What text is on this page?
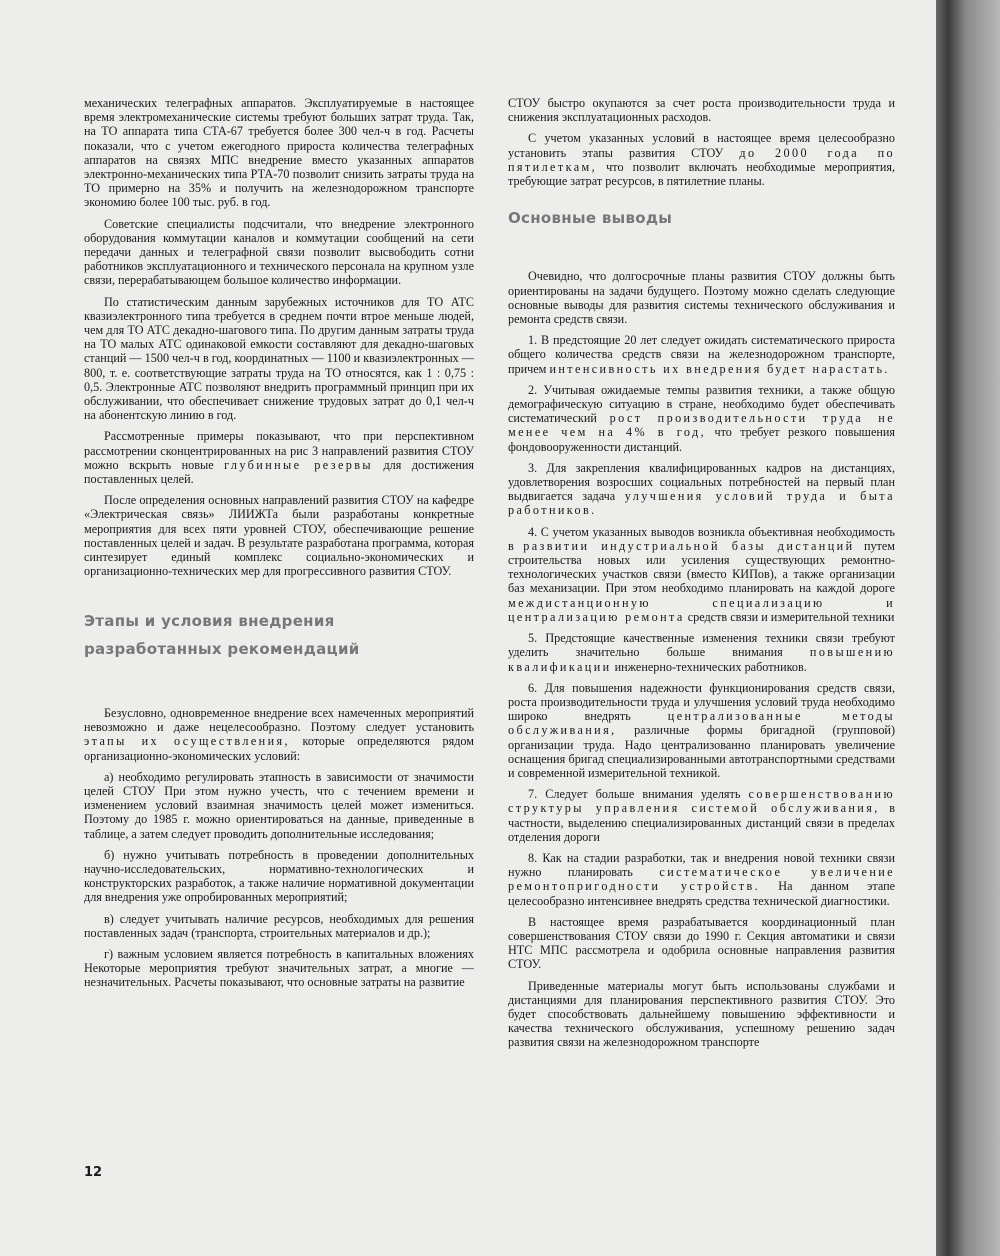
механических телеграфных аппаратов. Эксплуатируемые в настоящее время электромеханические системы требуют больших затрат труда. Так, на ТО аппарата типа СТА-67 требуется более 300 чел-ч в год. Расчеты показали, что с учетом ежегодного прироста количества телеграфных аппаратов на связях МПС внедрение вместо указанных аппаратов электронно-механических типа РТА-70 позволит снизить затраты труда на ТО примерно на 35% и получить на железнодорожном транспорте экономию более 100 тыс. руб. в год.

Советские специалисты подсчитали, что внедрение электронного оборудования коммутации каналов и коммутации сообщений на сети передачи данных и телеграфной связи позволит высвободить сотни работников эксплуатационного и технического персонала на крупном узле связи, перерабатывающем большое количество информации.

По статистическим данным зарубежных источников для ТО АТС квазиэлектронного типа требуется в среднем почти втрое меньше людей, чем для ТО АТС декадно-шагового типа. По другим данным затраты труда на ТО малых АТС одинаковой емкости составляют для декадно-шаговых станций — 1500 чел-ч в год, координатных — 1100 и квазиэлектронных — 800, т. е. соответствующие затраты труда на ТО относятся, как 1 : 0,75 : 0,5. Электронные АТС позволяют внедрить программный принцип при их обслуживании, что обеспечивает снижение трудовых затрат до 0,1 чел-ч на абонентскую линию в год.

Рассмотренные примеры показывают, что при перспективном рассмотрении сконцентрированных на рис 3 направлений развития СТОУ можно вскрыть новые глубинные резервы для достижения поставленных целей.

После определения основных направлений развития СТОУ на кафедре «Электрическая связь» ЛИИЖТа были разработаны конкретные мероприятия для всех пяти уровней СТОУ, обеспечивающие решение поставленных целей и задач. В результате разработана программа, которая синтезирует единый комплекс социально-экономических и организационно-технических мер для прогрессивного развития СТОУ.

Этапы и условия внедрения
разработанных рекомендаций

Безусловно, одновременное внедрение всех намеченных мероприятий невозможно и даже нецелесообразно. Поэтому следует установить этапы их осуществления, которые определяются рядом организационно-экономических условий:

а) необходимо регулировать этапность в зависимости от значимости целей СТОУ При этом нужно учесть, что с течением времени и изменением условий взаимная значимость целей может измениться. Поэтому до 1985 г. можно ориентироваться на данные, приведенные в таблице, а затем следует проводить дополнительные исследования;

б) нужно учитывать потребность в проведении дополнительных научно-исследовательских, нормативно-технологических и конструкторских разработок, а также наличие нормативной документации для внедрения уже опробированных мероприятий;

в) следует учитывать наличие ресурсов, необходимых для решения поставленных задач (транспорта, строительных материалов и др.);

г) важным условием является потребность в капитальных вложениях Некоторые мероприятия требуют значительных затрат, а многие — незначительных. Расчеты показывают, что основные затраты на развитие

СТОУ быстро окупаются за счет роста производительности труда и снижения эксплуатационных расходов.

С учетом указанных условий в настоящее время целесообразно установить этапы развития СТОУ до 2000 года по пятилеткам, что позволит включать необходимые мероприятия, требующие затрат ресурсов, в пятилетние планы.

Основные выводы

Очевидно, что долгосрочные планы развития СТОУ должны быть ориентированы на задачи будущего. Поэтому можно сделать следующие основные выводы для развития системы технического обслуживания и ремонта средств связи.

1. В предстоящие 20 лет следует ожидать систематического прироста общего количества средств связи на железнодорожном транспорте, причем интенсивность их внедрения будет нарастать.

2. Учитывая ожидаемые темпы развития техники, а также общую демографическую ситуацию в стране, необходимо будет обеспечивать систематический рост производительности труда не менее чем на 4% в год, что требует резкого повышения фондовооруженности дистанций.

3. Для закрепления квалифицированных кадров на дистанциях, удовлетворения возросших социальных потребностей на первый план выдвигается задача улучшения условий труда и быта работников.

4. С учетом указанных выводов возникла объективная необходимость в развитии индустриальной базы дистанций путем строительства новых или усиления существующих ремонтно-технологических участков связи (вместо КИПов), а также организации баз механизации. При этом необходимо планировать на каждой дороге междистанционную специализацию и централизацию ремонта средств связи и измерительной техники

5. Предстоящие качественные изменения техники связи требуют уделить значительно больше внимания повышению квалификации инженерно-технических работников.

6. Для повышения надежности функционирования средств связи, роста производительности труда и улучшения условий труда необходимо широко внедрять	централизованные методы обслуживания, различные формы бригадной (групповой) организации труда. Надо централизованно планировать увеличение оснащения бригад специализированными автотранспортными средствами и современной измерительной техникой.

7. Следует больше внимания уделять совершенствованию структуры управления системой обслуживания, в частности, выделению специализированных дистанций связи в пределах отделения дороги

8. Как на стадии разработки, так и внедрения новой техники связи нужно планировать систематическое увеличение ремонтопригодности устройств. На данном этапе целесообразно интенсивнее внедрять средства технической диагностики.

В настоящее время разрабатывается координационный план совершенствования СТОУ связи до 1990 г. Секция автоматики и связи НТС МПС рассмотрела и одобрила основные направления развития СТОУ.

Приведенные материалы могут быть использованы службами и дистанциями для планирования перспективного развития СТОУ. Это будет способствовать дальнейшему повышению эффективности и качества технического обслуживания, успешному решению задач развития связи на железнодорожном транспорте

12
